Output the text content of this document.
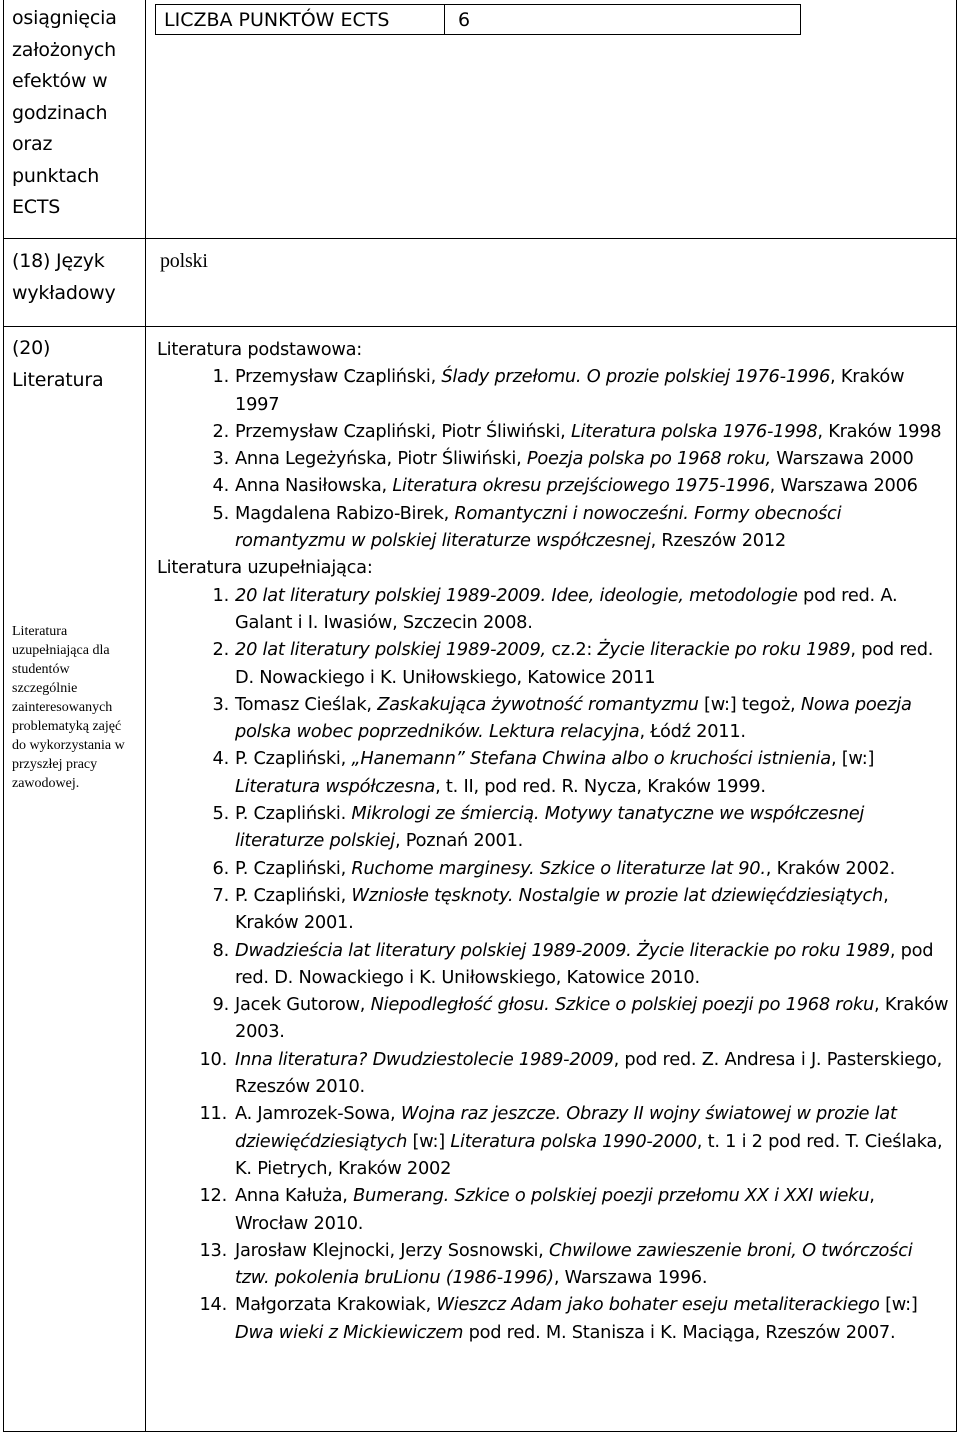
osiągnięcia założonych efektów w godzinach oraz punktach ECTS
LICZBA PUNKTÓW ECTS	6
(18) Język wykładowy
polski
(20) Literatura
Literatura uzupełniająca dla studentów szczególnie zainteresowanych problematyką zajęć do wykorzystania w przyszłej pracy zawodowej.

Literatura podstawowa:

1. Przemysław Czapliński, Ślady przełomu. O prozie polskiej 1976-1996, Kraków 1997
2. Przemysław Czapliński, Piotr Śliwiński, Literatura polska 1976-1998, Kraków 1998
3. Anna Legeżyńska, Piotr Śliwiński, Poezja polska po 1968 roku, Warszawa 2000
4. Anna Nasiłowska, Literatura okresu przejściowego 1975-1996, Warszawa 2006
5. Magdalena Rabizo-Birek, Romantyczni i nowocześni. Formy obecności romantyzmu w polskiej literaturze współczesnej, Rzeszów 2012

Literatura uzupełniająca:

1. 20 lat literatury polskiej 1989-2009. Idee, ideologie, metodologie pod red. A. Galant i I. Iwasiów, Szczecin 2008.
2. 20 lat literatury polskiej 1989-2009, cz.2: Życie literackie po roku 1989, pod red. D. Nowackiego i K. Uniłowskiego, Katowice 2011
3. Tomasz Cieślak, Zaskakująca żywotność romantyzmu [w:] tegoż, Nowa poezja polska wobec poprzedników. Lektura relacyjna, Łódź 2011.
4. P. Czapliński, „Hanemann” Stefana Chwina albo o kruchości istnienia, [w:] Literatura współczesna, t. II, pod red. R. Nycza, Kraków 1999.
5. P. Czapliński. Mikrologi ze śmiercią. Motywy tanatyczne we współczesnej literaturze polskiej, Poznań 2001.
6. P. Czapliński, Ruchome marginesy. Szkice o literaturze lat 90., Kraków 2002.
7. P. Czapliński, Wzniosłe tęsknoty. Nostalgie w prozie lat dziewięćdziesiątych, Kraków 2001.
8. Dwadzieścia lat literatury polskiej 1989-2009. Życie literackie po roku 1989, pod red. D. Nowackiego i K. Uniłowskiego, Katowice 2010.
9. Jacek Gutorow, Niepodległość głosu. Szkice o polskiej poezji po 1968 roku, Kraków 2003.
10. Inna literatura? Dwudziestolecie 1989-2009, pod red. Z. Andresa i J. Pasterskiego, Rzeszów 2010.
11. A. Jamrozek-Sowa, Wojna raz jeszcze. Obrazy II wojny światowej w prozie lat dziewięćdziesiątych [w:] Literatura polska 1990-2000, t. 1 i 2 pod red. T. Cieślaka, K. Pietrych, Kraków 2002
12. Anna Kałuża, Bumerang. Szkice o polskiej poezji przełomu XX i XXI wieku, Wrocław 2010.
13. Jarosław Klejnocki, Jerzy Sosnowski, Chwilowe zawieszenie broni, O twórczości tzw. pokolenia bruLionu (1986-1996), Warszawa 1996.
14. Małgorzata Krakowiak, Wieszcz Adam jako bohater eseju metaliterackiego [w:] Dwa wieki z Mickiewiczem pod red. M. Stanisza i K. Maciąga, Rzeszów 2007.
